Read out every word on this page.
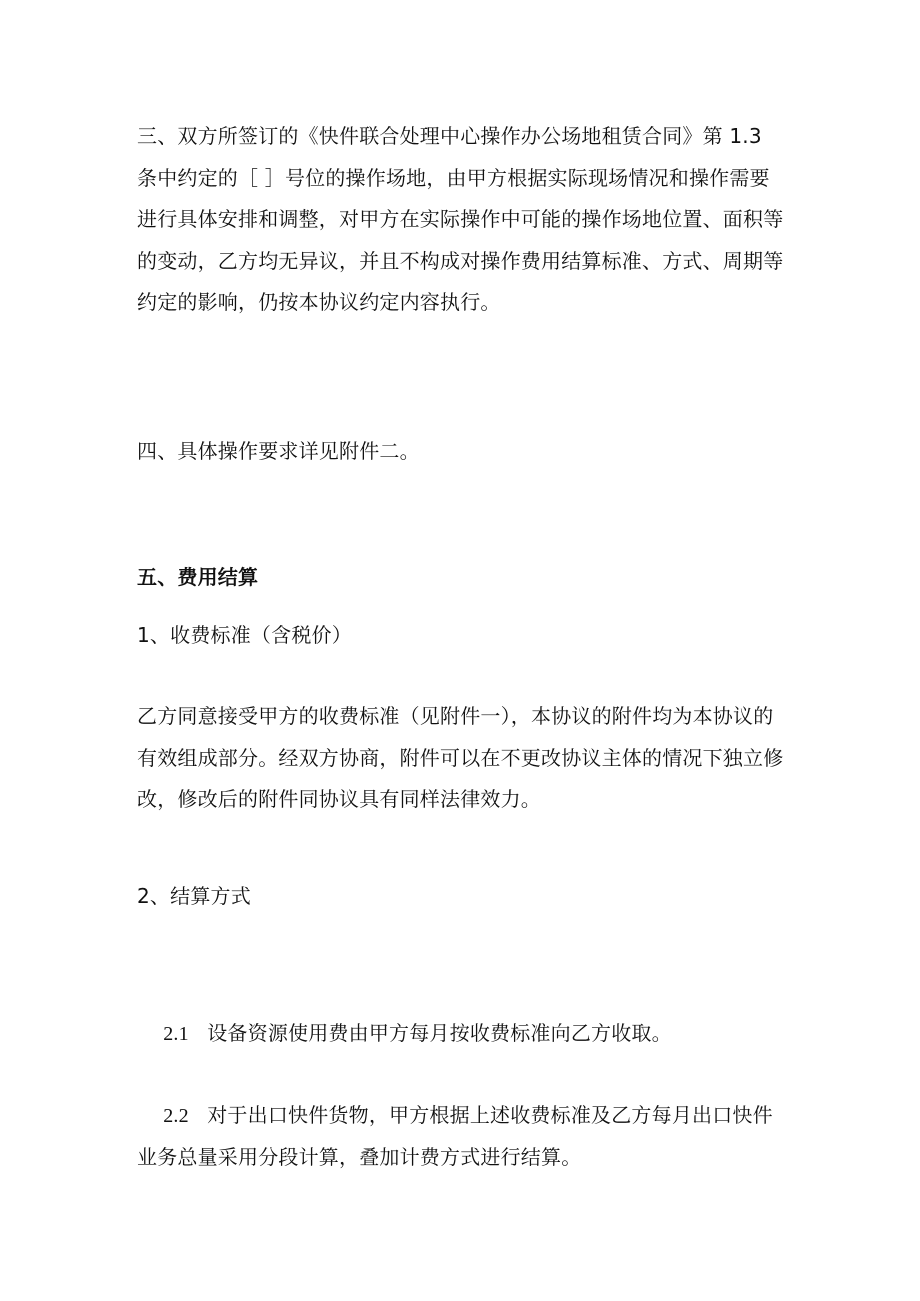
三、双方所签订的《快件联合处理中心操作办公场地租赁合同》第 1.3 条中约定的［ ］号位的操作场地，由甲方根据实际现场情况和操作需要进行具体安排和调整，对甲方在实际操作中可能的操作场地位置、面积等的变动，乙方均无异议，并且不构成对操作费用结算标准、方式、周期等约定的影响，仍按本协议约定内容执行。
四、具体操作要求详见附件二。
五、费用结算
1、收费标准（含税价）
乙方同意接受甲方的收费标准（见附件一），本协议的附件均为本协议的有效组成部分。经双方协商，附件可以在不更改协议主体的情况下独立修改，修改后的附件同协议具有同样法律效力。
2、结算方式

2.1 设备资源使用费由甲方每月按收费标准向乙方收取。

2.2 对于出口快件货物，甲方根据上述收费标准及乙方每月出口快件业务总量采用分段计算，叠加计费方式进行结算。
